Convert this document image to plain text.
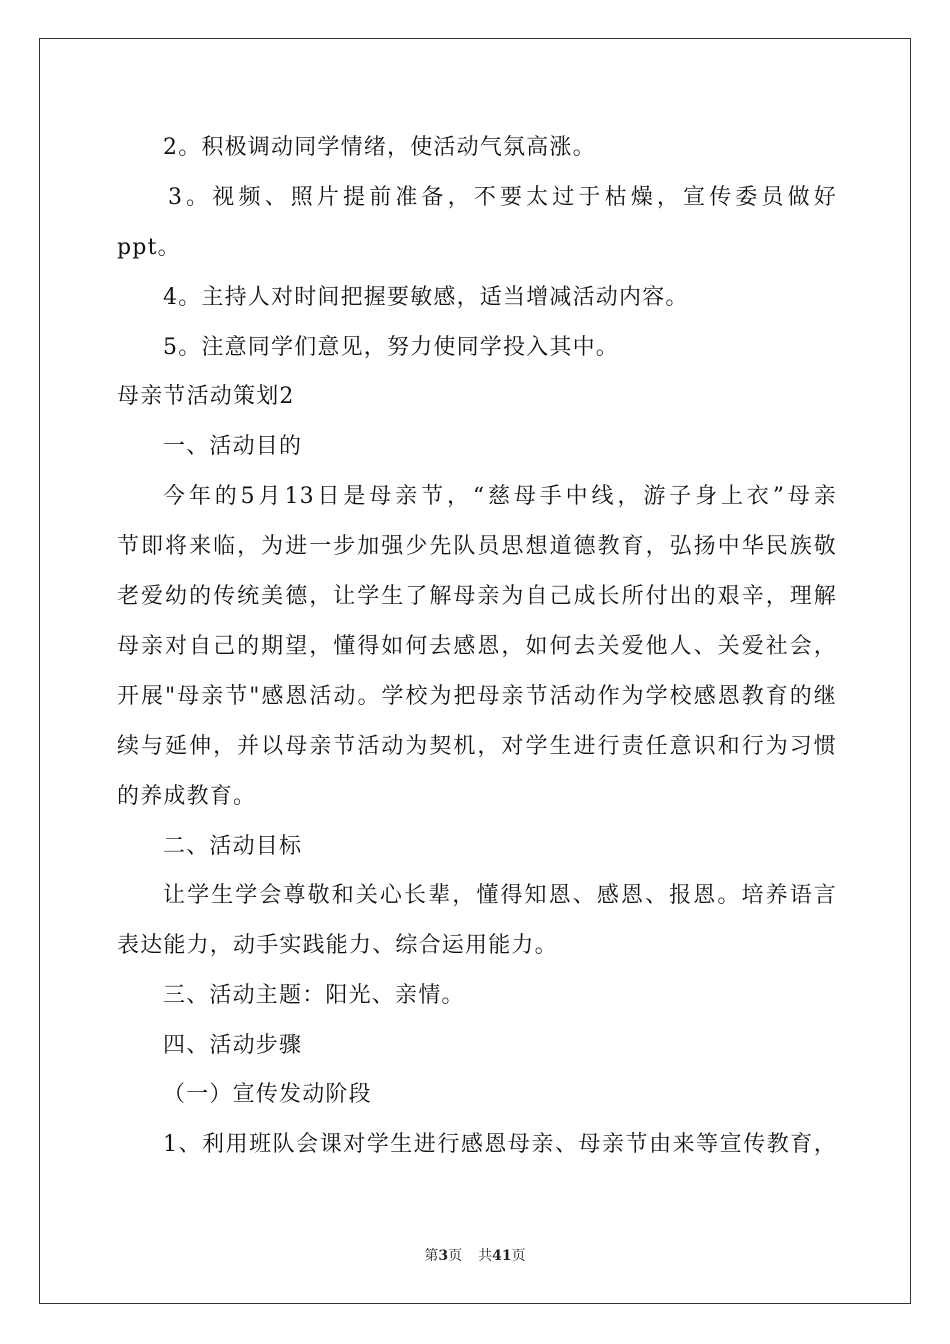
2。积极调动同学情绪，使活动气氛高涨。
3。视频、照片提前准备，不要太过于枯燥，宣传委员做好
ppt。
4。主持人对时间把握要敏感，适当增减活动内容。
5。注意同学们意见，努力使同学投入其中。
母亲节活动策划2
一、活动目的
今年的5月13日是母亲节，“慈母手中线，游子身上衣”母亲
节即将来临，为进一步加强少先队员思想道德教育，弘扬中华民族敬
老爱幼的传统美德，让学生了解母亲为自己成长所付出的艰辛，理解
母亲对自己的期望，懂得如何去感恩，如何去关爱他人、关爱社会，
开展"母亲节"感恩活动。学校为把母亲节活动作为学校感恩教育的继
续与延伸，并以母亲节活动为契机，对学生进行责任意识和行为习惯
的养成教育。
二、活动目标
让学生学会尊敬和关心长辈，懂得知恩、感恩、报恩。培养语言
表达能力，动手实践能力、综合运用能力。
三、活动主题：阳光、亲情。
四、活动步骤
（一）宣传发动阶段
1、利用班队会课对学生进行感恩母亲、母亲节由来等宣传教育，
第3页 共41页
